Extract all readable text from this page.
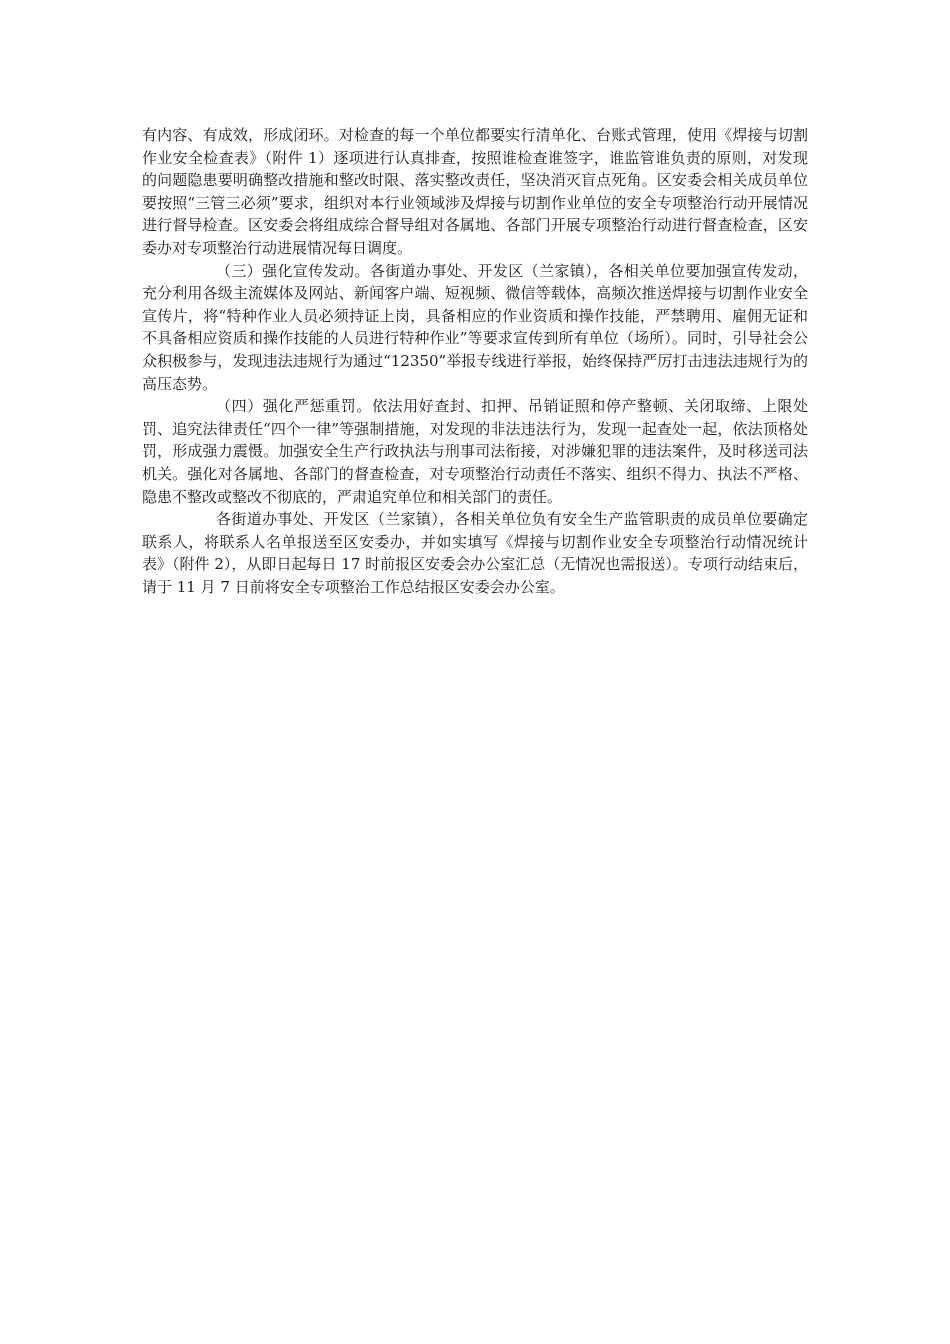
有内容、有成效，形成闭环。对检查的每一个单位都要实行清单化、台账式管理，使用《焊接与切割作业安全检查表》（附件 1）逐项进行认真排查，按照谁检查谁签字，谁监管谁负责的原则，对发现的问题隐患要明确整改措施和整改时限、落实整改责任，坚决消灭盲点死角。区安委会相关成员单位要按照“三管三必须”要求，组织对本行业领域涉及焊接与切割作业单位的安全专项整治行动开展情况进行督导检查。区安委会将组成综合督导组对各属地、各部门开展专项整治行动进行督查检查，区安委办对专项整治行动进展情况每日调度。

（三）强化宣传发动。各街道办事处、开发区（兰家镇），各相关单位要加强宣传发动，充分利用各级主流媒体及网站、新闻客户端、短视频、微信等载体，高频次推送焊接与切割作业安全宣传片，将“特种作业人员必须持证上岗，具备相应的作业资质和操作技能，严禁聘用、雇佣无证和不具备相应资质和操作技能的人员进行特种作业”等要求宣传到所有单位（场所）。同时，引导社会公众积极参与，发现违法违规行为通过“12350”举报专线进行举报，始终保持严厉打击违法违规行为的高压态势。

（四）强化严惩重罚。依法用好查封、扣押、吊销证照和停产整顿、关闭取缔、上限处罚、追究法律责任“四个一律”等强制措施，对发现的非法违法行为，发现一起查处一起，依法顶格处罚，形成强力震慑。加强安全生产行政执法与刑事司法衔接，对涉嫌犯罪的违法案件，及时移送司法机关。强化对各属地、各部门的督查检查，对专项整治行动责任不落实、组织不得力、执法不严格、隐患不整改或整改不彻底的，严肃追究单位和相关部门的责任。

各街道办事处、开发区（兰家镇），各相关单位负有安全生产监管职责的成员单位要确定联系人，将联系人名单报送至区安委办，并如实填写《焊接与切割作业安全专项整治行动情况统计表》（附件 2），从即日起每日 17 时前报区安委会办公室汇总（无情况也需报送）。专项行动结束后，请于 11 月 7 日前将安全专项整治工作总结报区安委会办公室。
